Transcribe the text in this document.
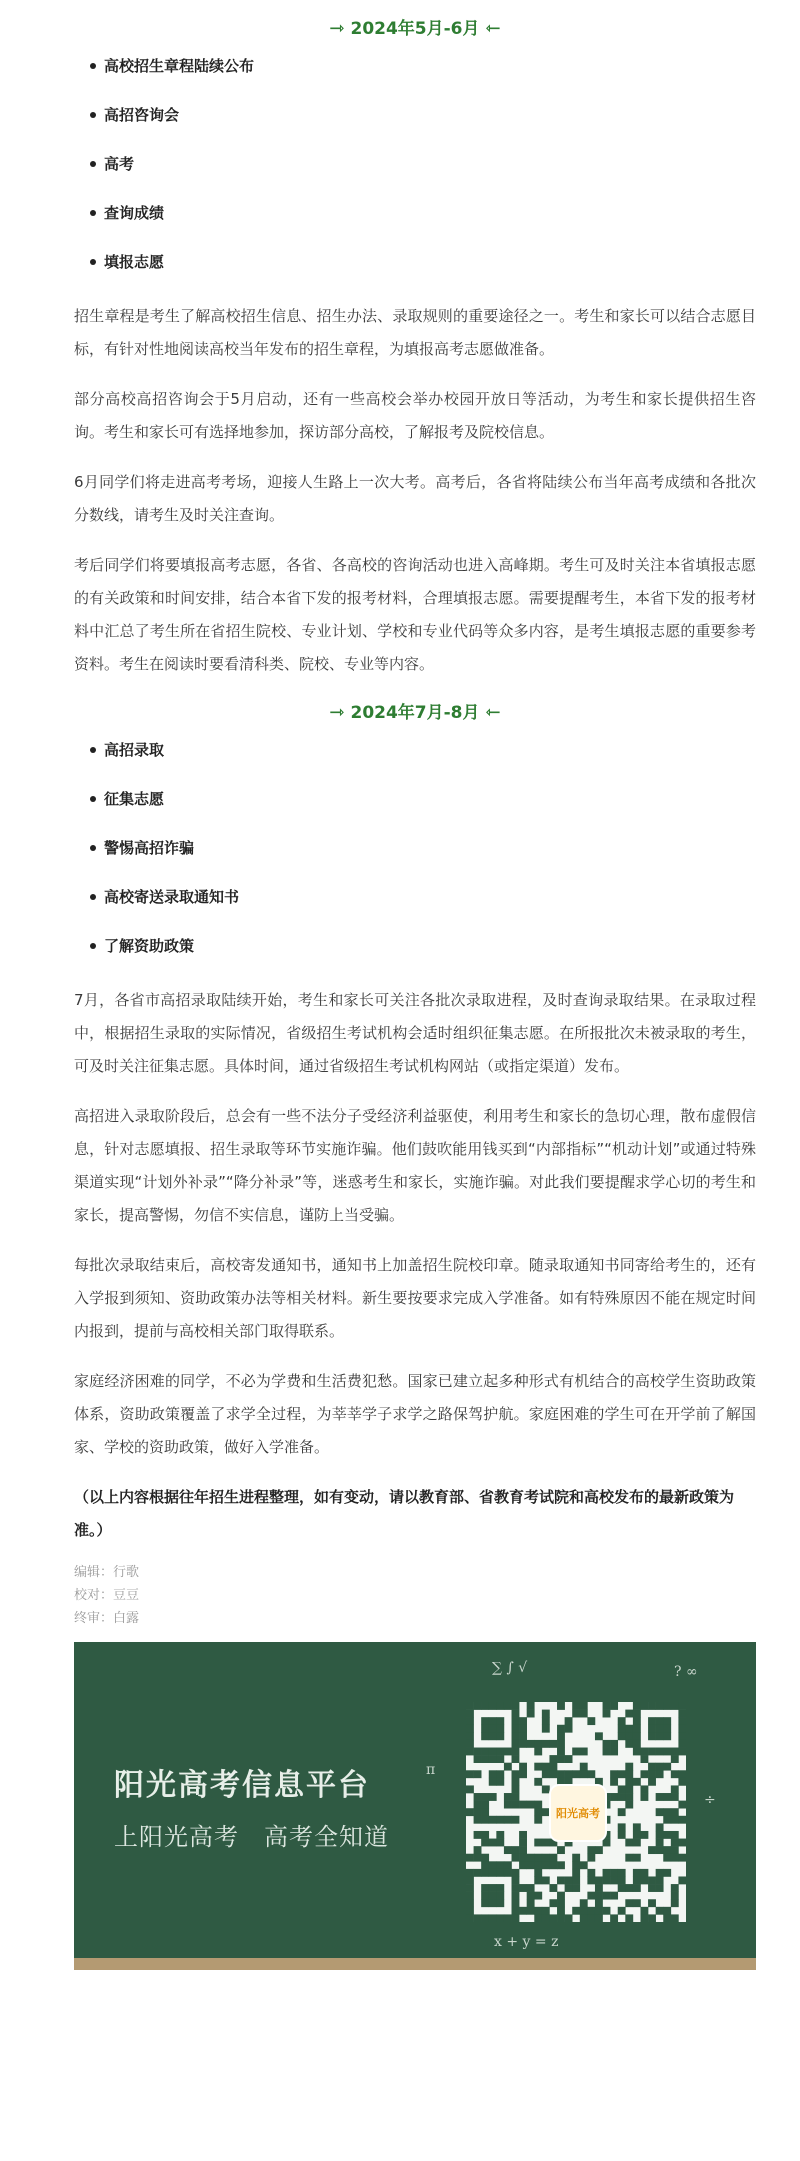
⇾ 2024年5月-6月 ⇽
高校招生章程陆续公布
高招咨询会
高考
查询成绩
填报志愿

招生章程是考生了解高校招生信息、招生办法、录取规则的重要途径之一。考生和家长可以结合志愿目标，有针对性地阅读高校当年发布的招生章程，为填报高考志愿做准备。

部分高校高招咨询会于5月启动，还有一些高校会举办校园开放日等活动，为考生和家长提供招生咨询。考生和家长可有选择地参加，探访部分高校，了解报考及院校信息。

6月同学们将走进高考考场，迎接人生路上一次大考。高考后，各省将陆续公布当年高考成绩和各批次分数线，请考生及时关注查询。

考后同学们将要填报高考志愿，各省、各高校的咨询活动也进入高峰期。考生可及时关注本省填报志愿的有关政策和时间安排，结合本省下发的报考材料，合理填报志愿。需要提醒考生，本省下发的报考材料中汇总了考生所在省招生院校、专业计划、学校和专业代码等众多内容，是考生填报志愿的重要参考资料。考生在阅读时要看清科类、院校、专业等内容。

⇾ 2024年7月-8月 ⇽
高招录取
征集志愿
警惕高招诈骗
高校寄送录取通知书
了解资助政策

7月，各省市高招录取陆续开始，考生和家长可关注各批次录取进程，及时查询录取结果。在录取过程中，根据招生录取的实际情况，省级招生考试机构会适时组织征集志愿。在所报批次未被录取的考生，可及时关注征集志愿。具体时间，通过省级招生考试机构网站（或指定渠道）发布。

高招进入录取阶段后，总会有一些不法分子受经济利益驱使，利用考生和家长的急切心理，散布虚假信息，针对志愿填报、招生录取等环节实施诈骗。他们鼓吹能用钱买到“内部指标”“机动计划”或通过特殊渠道实现“计划外补录”“降分补录”等，迷惑考生和家长，实施诈骗。对此我们要提醒求学心切的考生和家长，提高警惕，勿信不实信息，谨防上当受骗。

每批次录取结束后，高校寄发通知书，通知书上加盖招生院校印章。随录取通知书同寄给考生的，还有入学报到须知、资助政策办法等相关材料。新生要按要求完成入学准备。如有特殊原因不能在规定时间内报到，提前与高校相关部门取得联系。

家庭经济困难的同学，不必为学费和生活费犯愁。国家已建立起多种形式有机结合的高校学生资助政策体系，资助政策覆盖了求学全过程，为莘莘学子求学之路保驾护航。家庭困难的学生可在开学前了解国家、学校的资助政策，做好入学准备。

（以上内容根据往年招生进程整理，如有变动，请以教育部、省教育考试院和高校发布的最新政策为准。）

编辑：行歌
校对：豆豆
终审：白露
阳光高考信息平台
上阳光高考　高考全知道
∑ ∫ √	? ∞
π
÷
x + y = z
阳光高考
